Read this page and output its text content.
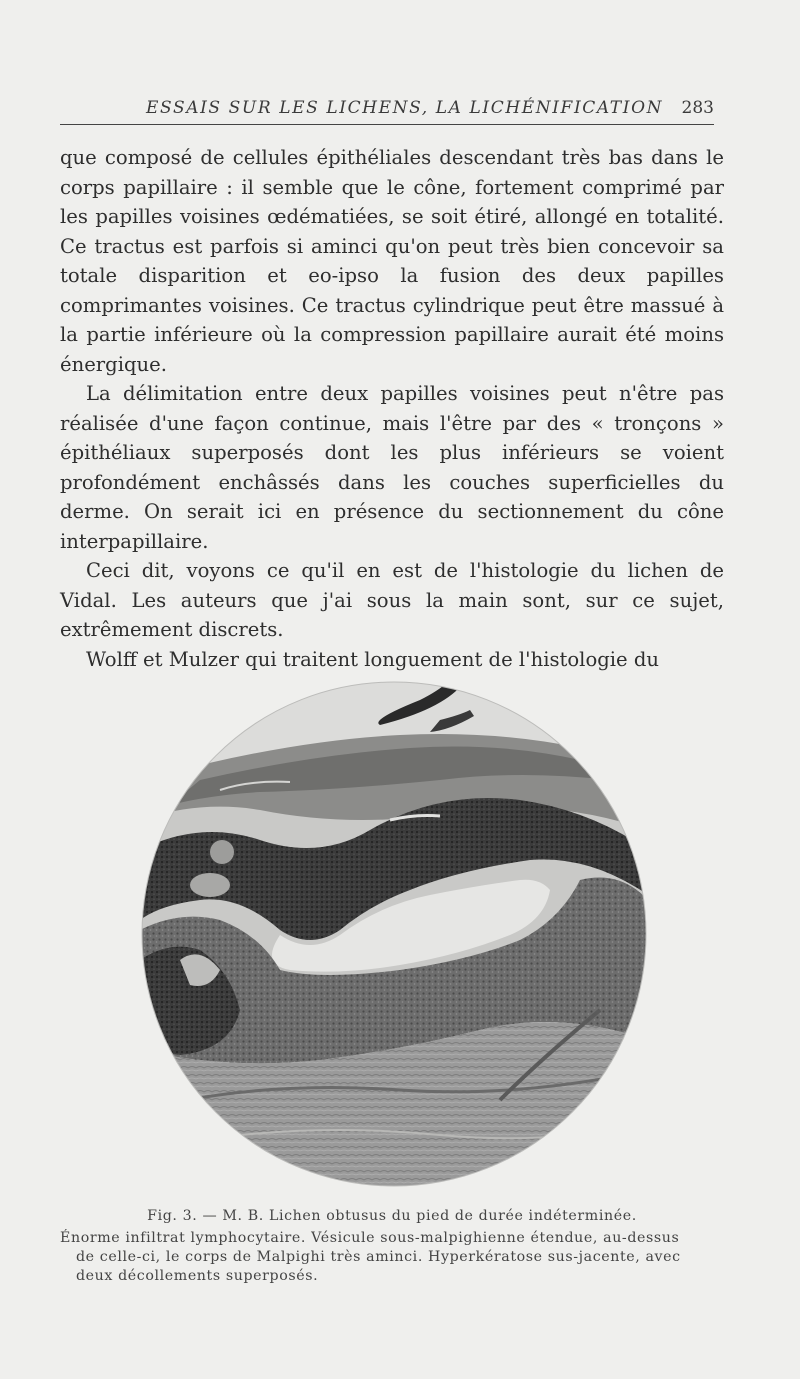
ESSAIS SUR LES LICHENS, LA LICHÉNIFICATION 283

que composé de cellules épithéliales descendant très bas dans le corps papillaire : il semble que le cône, fortement comprimé par les papilles voisines œdématiées, se soit étiré, allongé en totalité. Ce tractus est parfois si aminci qu'on peut très bien concevoir sa totale disparition et eo-ipso la fusion des deux papilles comprimantes voisines. Ce tractus cylindrique peut être massué à la partie inférieure où la compression papillaire aurait été moins énergique.

La délimitation entre deux papilles voisines peut n'être pas réalisée d'une façon continue, mais l'être par des « tronçons » épithéliaux superposés dont les plus inférieurs se voient profondément enchâssés dans les couches superficielles du derme. On serait ici en présence du sectionnement du cône interpapillaire.

Ceci dit, voyons ce qu'il en est de l'histologie du lichen de Vidal. Les auteurs que j'ai sous la main sont, sur ce sujet, extrêmement discrets.

Wolff et Mulzer qui traitent longuement de l'histologie du

Fig. 3. — M. B. Lichen obtusus du pied de durée indéterminée.

Énorme infiltrat lymphocytaire. Vésicule sous-malpighienne étendue, au-dessus
de celle-ci, le corps de Malpighi très aminci. Hyperkératose sus-jacente, avec
deux décollements superposés.
